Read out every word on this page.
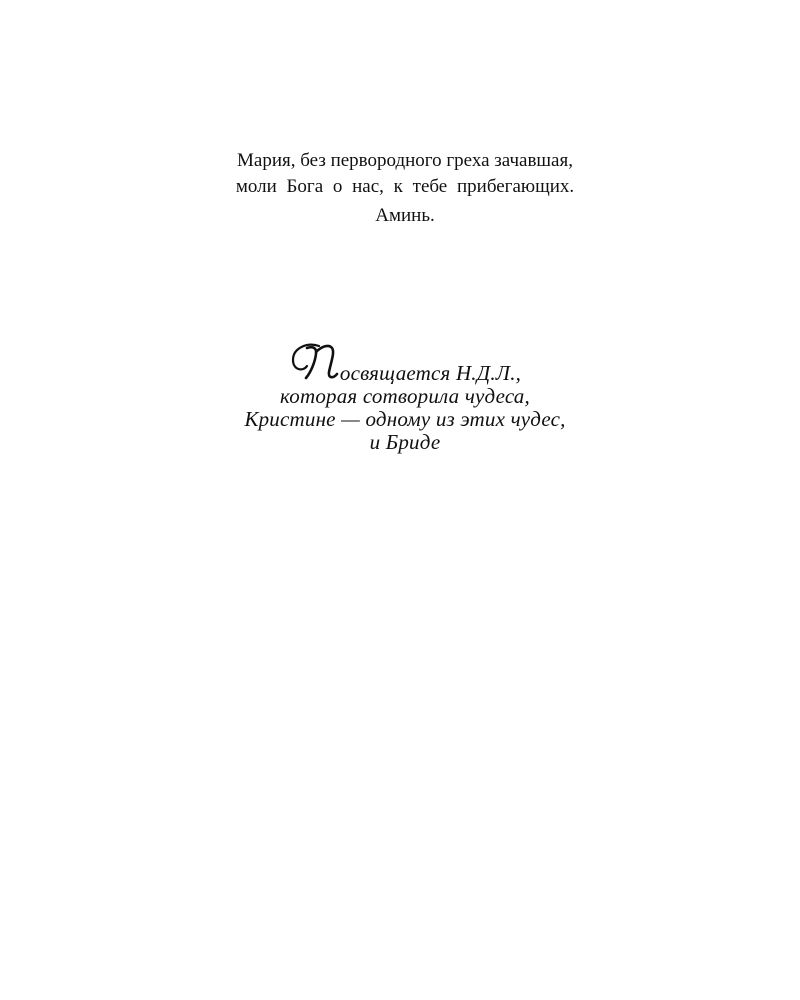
Мария, без первородного греха зачавшая,
моли Бога о нас, к тебе прибегающих.
Аминь.
освящается Н.Д.Л.,
которая сотворила чудеса,
Кристине — одному из этих чудес,
и Бриде
